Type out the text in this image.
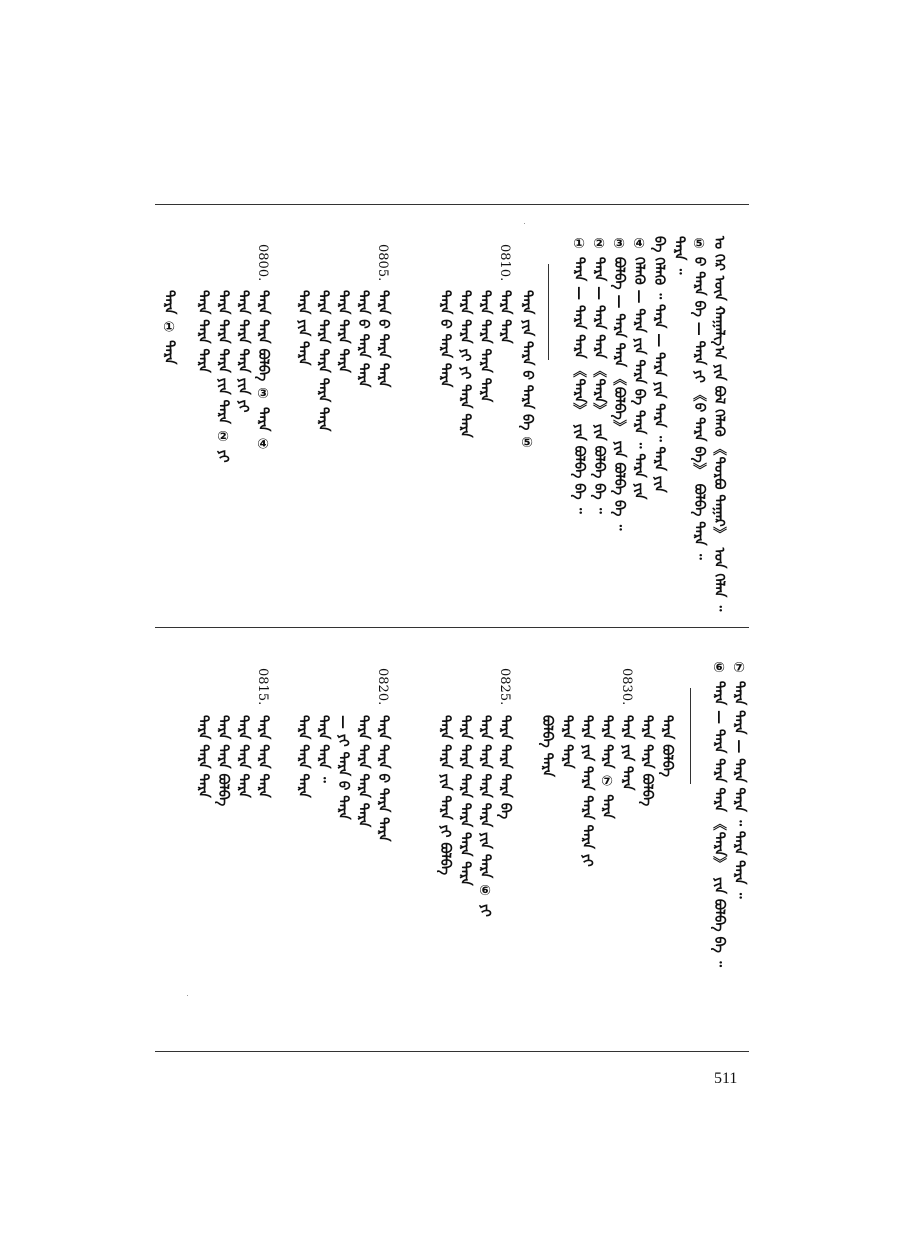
ᠣ ᠭᠡᠷ ᠦᠨ ᠬᠠᠭᠠᠯᠭ᠎ᠠ ᠶᠢᠨ ᠪᠣᠯ ᠬᠡᠯᠡᠬᠦ 《ᠳᠣᠷᠪᠣ ᠳᠠᠭᠠᠷ》 ᠤᠨ ᠬᠡᠯᠡᠨ ᠃
⑤ ᠪ ᠲᠡᠷᠡ ᠪᠠ — ᠲᠡᠷᠡ ᠶᠢ 《ᠪ ᠲᠡᠷᠡ ᠪᠠ》 ᠪᠣᠯᠪᠠ ᠲᠡᠷᠡ ᠃
ᠲᠡᠷᠡ ᠃
ᠪᠠ ᠬᠡᠯᠡᠬᠦ ᠃ ᠲᠡᠷᠡ — ᠲᠡᠷᠡ ᠶᠢᠨ ᠲᠡᠷᠡ ᠃ ᠲᠡᠷᠡ ᠶᠢᠨ
④ ᠬᠡᠯᠡᠬᠦ — ᠲᠡᠷᠡ ᠶᠢᠨ ᠲᠡᠷᠡ ᠪᠠ ᠲᠡᠷᠡ ᠃ ᠲᠡᠷᠡ ᠶᠢᠨ
③ ᠪᠣᠯᠪᠠ — ᠲᠡᠷᠡ ᠲᠡᠷᠡ 《ᠪᠣᠯᠪᠠ》 ᠶᠢᠨ ᠪᠣᠯᠪᠠ ᠪᠠ ᠃
② ᠲᠡᠷᠡ — ᠲᠡᠷᠡ ᠲᠡᠷᠡ 《ᠲᠡᠷᠡ》 ᠶᠢᠨ ᠪᠣᠯᠪᠠ ᠪᠠ ᠃
① ᠲᠡᠷᠡ — ᠲᠡᠷᠡ ᠲᠡᠷᠡ 《ᠲᠡᠷᠡ》 ᠶᠢᠨ ᠪᠣᠯᠪᠠ ᠪᠠ ᠃
ᠲᠡᠷᠡ ᠶᠢᠨ ᠲᠡᠷᠡ ᠪ ᠲᠡᠷᠡ ᠪᠠ ⑤
0810.
ᠲᠡᠷᠡ ᠲᠡᠷᠡ
ᠲᠡᠷᠡ ᠲᠡᠷᠡ ᠲᠡᠷᠡ ᠲᠡᠷᠡ
ᠲᠡᠷᠡ ᠲᠡᠷᠡ ᠶᠢ ᠶᠢ ᠲᠡᠷᠡ ᠲᠡᠷᠡ
ᠲᠡᠷᠡ ᠪ ᠲᠡᠷᠡ ᠲᠡᠷᠡ
0805.
ᠲᠡᠷᠡ ᠪ ᠲᠡᠷᠡ ᠲᠡᠷᠡ
ᠲᠡᠷᠡ ᠪ ᠲᠡᠷᠡ ᠲᠡᠷᠡ
ᠲᠡᠷᠡ ᠲᠡᠷᠡ ᠲᠡᠷᠡ
ᠲᠡᠷᠡ ᠲᠡᠷᠡ ᠲᠡᠷᠡ ᠲᠡᠷᠡ ᠲᠡᠷᠡ
ᠲᠡᠷᠡ ᠶᠢᠨ ᠲᠡᠷᠡ
0800.
ᠲᠡᠷᠡ ᠲᠡᠷᠡ ᠪᠣᠯᠪᠠ ③ ᠲᠡᠷᠡ ④
ᠲᠡᠷᠡ ᠲᠡᠷᠡ ᠲᠡᠷᠡ ᠶᠢᠨ ᠶᠢ
ᠲᠡᠷᠡ ᠲᠡᠷᠡ ᠲᠡᠷᠡ ᠶᠢᠨ ᠲᠡᠷᠡ ② ᠶᠢ
ᠲᠡᠷᠡ ᠲᠡᠷᠡ ᠲᠡᠷᠡ
ᠲᠡᠷᠡ ① ᠲᠡᠷᠡ
⑦ ᠲᠡᠷᠡ ᠲᠡᠷᠡ — ᠲᠡᠷᠡ ᠲᠡᠷᠡ ᠃ ᠲᠡᠷᠡ ᠲᠡᠷᠡ ᠃
⑥ ᠲᠡᠷᠡ — ᠲᠡᠷᠡ ᠲᠡᠷᠡ ᠲᠡᠷᠡ 《ᠲᠡᠷᠡ》 ᠶᠢᠨ ᠪᠣᠯᠪᠠ ᠪᠠ ᠃
ᠲᠡᠷᠡ ᠪᠣᠯᠪᠠ
ᠲᠡᠷᠡ ᠲᠡᠷᠡ ᠪᠣᠯᠪᠠ
0830.
ᠲᠡᠷᠡ ᠶᠢᠨ ᠲᠡᠷᠡ
ᠲᠡᠷᠡ ᠲᠡᠷᠡ ⑦ ᠲᠡᠷᠡ
ᠲᠡᠷᠡ ᠶᠢᠨ ᠲᠡᠷᠡ ᠲᠡᠷᠡ ᠲᠡᠷᠡ ᠶᠢ
ᠲᠡᠷᠡ ᠲᠡᠷᠡ
ᠪᠣᠯᠪᠠ ᠲᠡᠷᠡ
0825.
ᠲᠡᠷᠡ ᠲᠡᠷᠡ ᠲᠡᠷᠡ ᠪᠠ
ᠲᠡᠷᠡ ᠲᠡᠷᠡ ᠲᠡᠷᠡ ᠲᠡᠷᠡ ᠶᠢᠨ ᠲᠡᠷᠡ ⑥ ᠶᠢ
ᠲᠡᠷᠡ ᠲᠡᠷᠡ ᠲᠡᠷᠡ ᠲᠡᠷᠡ ᠲᠡᠷᠡ ᠲᠡᠷᠡ
ᠲᠡᠷᠡ ᠲᠡᠷᠡ ᠶᠢᠨ ᠲᠡᠷᠡ ᠶᠢ ᠪᠣᠯᠪᠠ
0820.
ᠲᠡᠷᠡ ᠲᠡᠷᠡ ᠪ ᠲᠡᠷᠡ ᠲᠡᠷᠡ
ᠲᠡᠷᠡ ᠲᠡᠷᠡ ᠲᠡᠷᠡ ᠲᠡᠷᠡ
— ᠶᠢ ᠲᠡᠷᠡ ᠪ ᠲᠡᠷᠡ
ᠲᠡᠷᠡ ᠲᠡᠷᠡ ᠃
ᠲᠡᠷᠡ ᠲᠡᠷᠡ ᠲᠡᠷᠡ
0815.
ᠲᠡᠷᠡ ᠲᠡᠷᠡ ᠲᠡᠷᠡ
ᠲᠡᠷᠡ ᠲᠡᠷᠡ ᠲᠡᠷᠡ
ᠲᠡᠷᠡ ᠲᠡᠷᠡ ᠪᠣᠯᠪᠠ
ᠲᠡᠷᠡ ᠲᠡᠷᠡ ᠲᠡᠷᠡ
511
